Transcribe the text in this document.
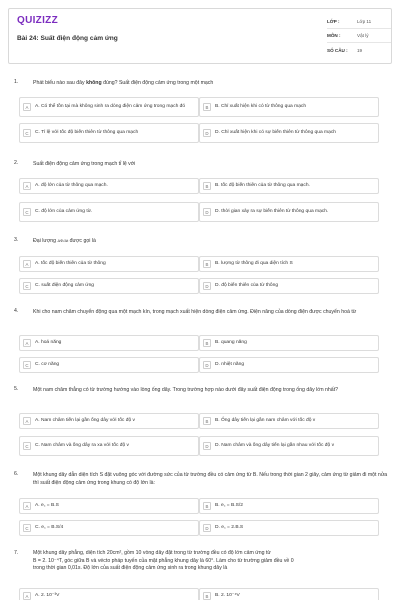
QUIZIZZ
Bài 24: Suất điện động cảm ứng
LỚP :	Lớp 11
MÔN :	Vật lý
SỐ CÂU :	19
1.	Phát biểu nào sau đây không đúng? Suất điện động cảm ứng trong một mạch
A	A. Có thể tồn tại mà không sinh ra dòng điện cảm ứng trong mạch đó	B	B. Chỉ xuất hiện khi có từ thông qua mạch
C	C. Tỉ lệ với tốc độ biến thiên từ thông qua mạch	D	D. Chỉ xuất hiện khi có sự biến thiên từ thông qua mạch
2.	Suất điện động cảm ứng trong mạch tỉ lệ với
A	A. độ lớn của từ thông qua mạch.	B	B. tốc độ biến thiên của từ thông qua mạch.
C	C. độ lớn của cảm ứng từ.	D	D. thời gian xảy ra sự biến thiên từ thông qua mạch.
3.	Đại lượng ΔΦ/Δt được gọi là
A	A. tốc độ biến thiên của từ thông	B	B. lượng từ thông đi qua diện tích S
C	C. suất điện động cảm ứng	D	D. độ biến thiên của từ thông
4.	Khi cho nam châm chuyển động qua một mạch kín, trong mạch xuất hiện dòng điện cảm ứng. Điện năng của dòng điện được chuyển hoá từ
A	A. hoá năng	B	B. quang năng
C	C. cơ năng	D	D. nhiệt năng
5.	Một nam châm thẳng có từ trường hướng vào lòng ống dây. Trong trường hợp nào dưới đây suất điện động trong ống dây lớn nhất?
A	A. Nam châm tiến lại gần ống dây với tốc độ v	B	B. Ống dây tiến lại gần nam châm với tốc độ v
C	C. Nam châm và ống dây ra xa với tốc độ v	D	D. Nam châm và ống dây tiến lại gần nhau với tốc độ v
6.	Một khung dây dẫn diện tích S đặt vuông góc với đường sức của từ trường đều có cảm ứng từ B. Nếu trong thời gian 2 giây, cảm ứng từ giảm đi một nửa thì suất điện động cảm ứng trong khung có độ lớn là:
A	A. e꜀ = B.S	B	B. e꜀ = B.S/2
C	C. e꜀ = B.S/4	D	D. e꜀ = 2.B.S
7.	Một khung dây phẳng, diện tích 20cm², gồm 10 vòng dây đặt trong từ trường đều có độ lớn cảm ứng từ
B = 2. 10⁻⁴T, góc giữa B và vécto pháp tuyến của mặt phẳng khung dây là 60°. Làm cho từ trường giảm đều về 0
trong thời gian 0,01s. Độ lớn của suất điện động cảm ứng sinh ra trong khung dây là
A	A. 2. 10⁻³V	B	B. 2. 10⁻⁴V
